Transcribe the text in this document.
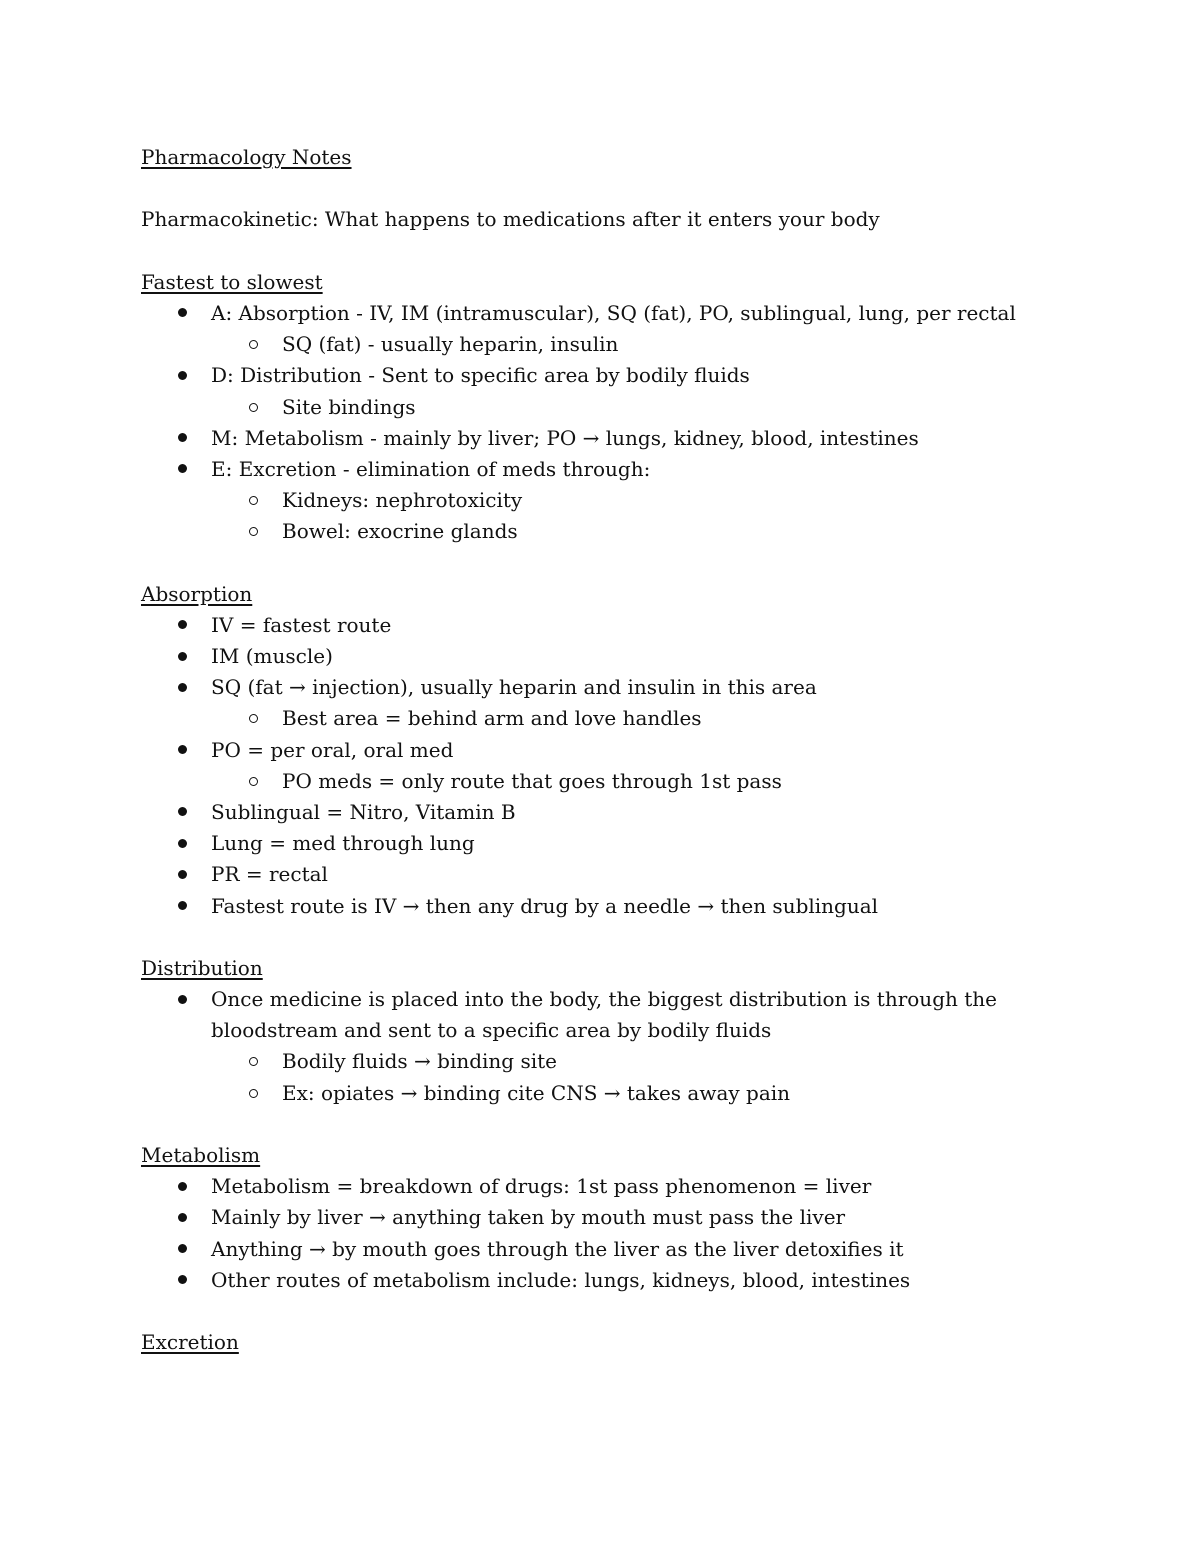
Pharmacology Notes
Pharmacokinetic: What happens to medications after it enters your body
Fastest to slowest
A: Absorption - IV, IM (intramuscular), SQ (fat), PO, sublingual, lung, per rectal
SQ (fat) - usually heparin, insulin
D: Distribution - Sent to specific area by bodily fluids
Site bindings
M: Metabolism - mainly by liver; PO → lungs, kidney, blood, intestines
E: Excretion - elimination of meds through:
Kidneys: nephrotoxicity
Bowel: exocrine glands
Absorption
IV = fastest route
IM (muscle)
SQ (fat → injection), usually heparin and insulin in this area
Best area = behind arm and love handles
PO = per oral, oral med
PO meds = only route that goes through 1st pass
Sublingual = Nitro, Vitamin B
Lung = med through lung
PR = rectal
Fastest route is IV → then any drug by a needle → then sublingual
Distribution
Once medicine is placed into the body, the biggest distribution is through the bloodstream and sent to a specific area by bodily fluids
Bodily fluids → binding site
Ex: opiates → binding cite CNS → takes away pain
Metabolism
Metabolism = breakdown of drugs: 1st pass phenomenon = liver
Mainly by liver → anything taken by mouth must pass the liver
Anything → by mouth goes through the liver as the liver detoxifies it
Other routes of metabolism include: lungs, kidneys, blood, intestines
Excretion
